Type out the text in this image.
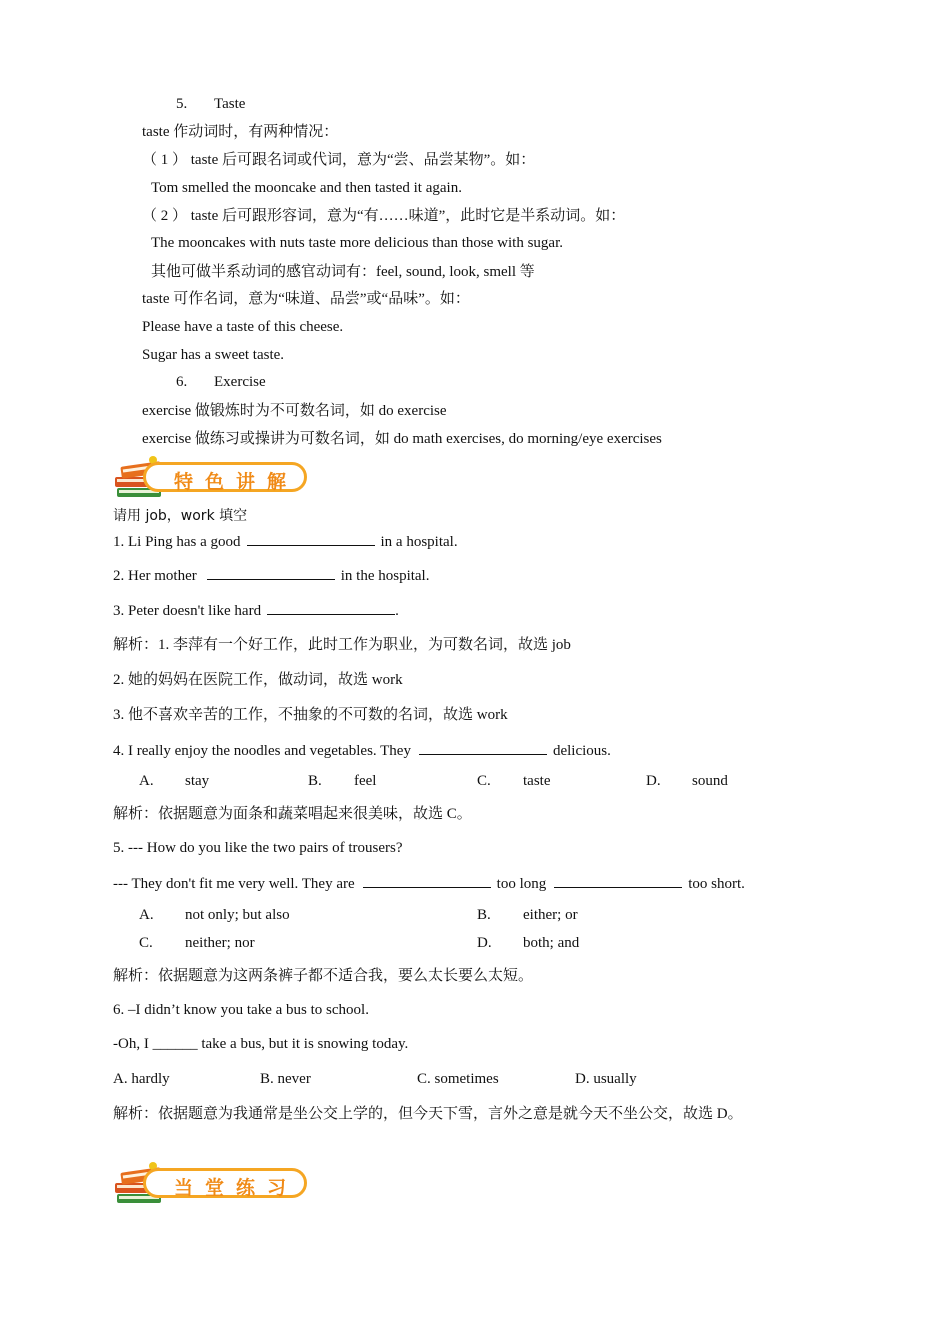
5. Taste
taste 作动词时，有两种情况：
（ 1 ） taste 后可跟名词或代词，意为“尝、品尝某物”。如：
Tom smelled the mooncake and then tasted it again.
（ 2 ） taste 后可跟形容词，意为“有……味道”，此时它是半系动词。如：
The mooncakes with nuts taste more delicious than those with sugar.
其他可做半系动词的感官动词有：feel, sound, look, smell 等
taste 可作名词，意为“味道、品尝”或“品味”。如：
Please have a taste of this cheese.
Sugar has a sweet taste.
6. Exercise
exercise 做锻炼时为不可数名词，如 do exercise
exercise 做练习或操讲为可数名词，如 do math exercises, do morning/eye exercises
特色讲解
请用 job，work 填空
1. Li Ping has a good	in a hospital.
2. Her mother	in the hospital.
3. Peter doesn't like hard	.
解析：1. 李萍有一个好工作，此时工作为职业，为可数名词，故选 job
2. 她的妈妈在医院工作，做动词，故选 work
3. 他不喜欢辛苦的工作，不抽象的不可数的名词，故选 work
4. I really enjoy the noodles and vegetables. They	delicious.
A. stay	B. feel	C. taste	D. sound
解析：依据题意为面条和蔬菜唱起来很美味，故选 C。
5. --- How do you like the two pairs of trousers?
--- They don't fit me very well. They are	too long	too short.
A. not only; but also	B. either; or
C. neither; nor	D. both; and
解析：依据题意为这两条裤子都不适合我，要么太长要么太短。
6. –I didn’t know you take a bus to school.
-Oh, I ______ take a bus, but it is snowing today.
A. hardly	B. never	C. sometimes	D. usually
解析：依据题意为我通常是坐公交上学的，但今天下雪，言外之意是就今天不坐公交，故选 D。
当堂练习
